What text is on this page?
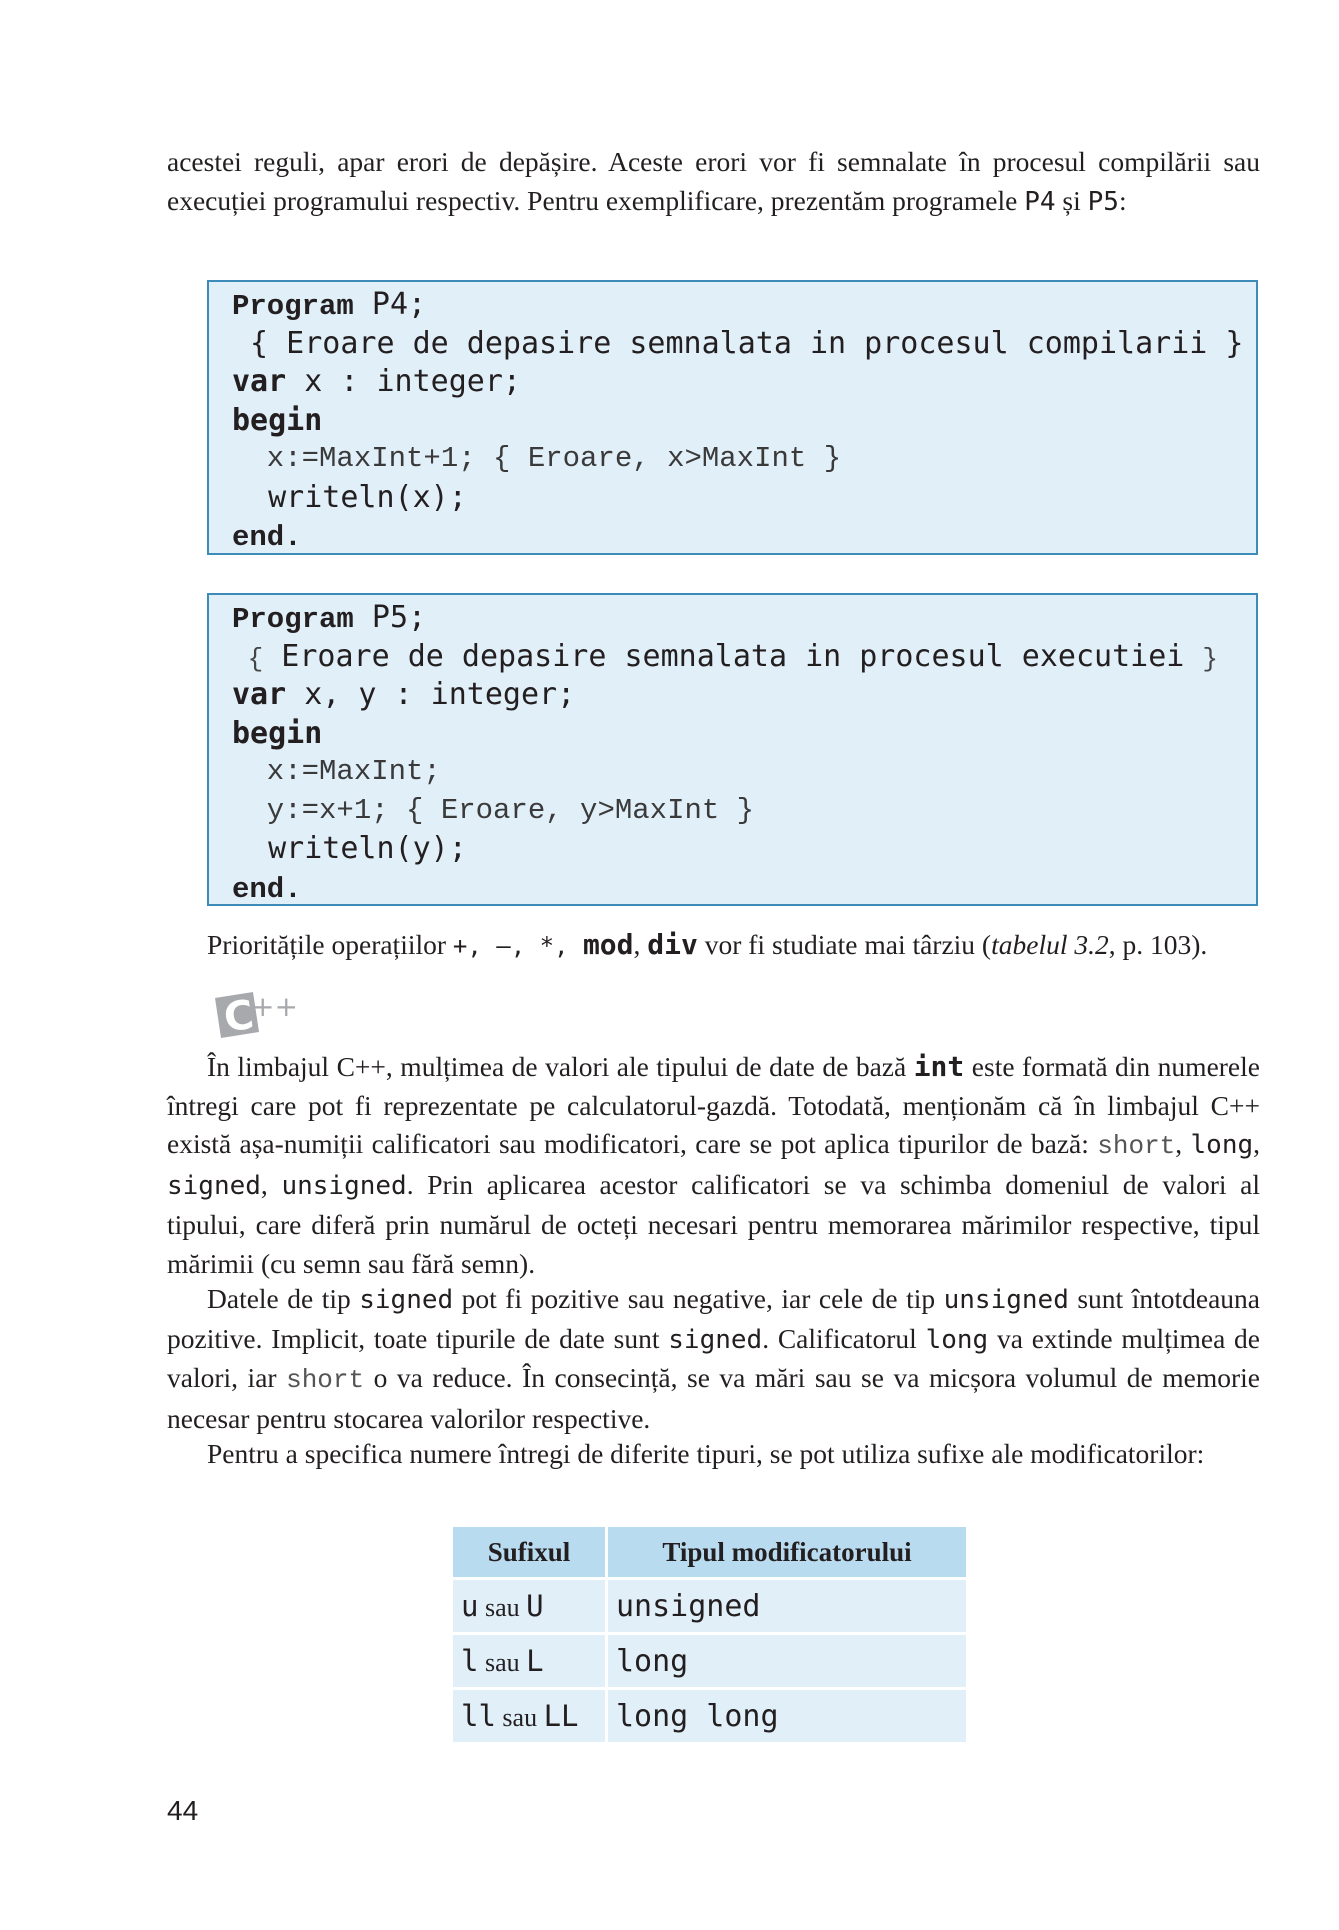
acestei reguli, apar erori de depășire. Aceste erori vor fi semnalate în procesul compilării sau execuției programului respectiv. Pentru exemplificare, prezentăm programele P4 și P5:

Program P4;
{ Eroare de depasire semnalata in procesul compilarii }
var x : integer;
begin
x:=MaxInt+1; { Eroare, x>MaxInt }
writeln(x);
end.
Program P5;
{ Eroare de depasire semnalata in procesul executiei }
var x, y : integer;
begin
x:=MaxInt;
y:=x+1; { Eroare, y>MaxInt }
writeln(y);
end.
Prioritățile operațiilor +, –, *, mod, div vor fi studiate mai târziu (tabelul 3.2, p. 103).
C
++

În limbajul C++, mulțimea de valori ale tipului de date de bază int este formată din numerele întregi care pot fi reprezentate pe calculatorul-gazdă. Totodată, menționăm că în limbajul C++ există așa-numiții calificatori sau modificatori, care se pot aplica tipurilor de bază: short, long, signed, unsigned. Prin aplicarea acestor calificatori se va schimba domeniul de valori al tipului, care diferă prin numărul de octeți necesari pentru memorarea mărimilor respective, tipul mărimii (cu semn sau fără semn).

Datele de tip signed pot fi pozitive sau negative, iar cele de tip unsigned sunt întotdeauna pozitive. Implicit, toate tipurile de date sunt signed. Calificatorul long va extinde mulțimea de valori, iar short o va reduce. În consecință, se va mări sau se va micșora volumul de memorie necesar pentru stocarea valorilor respective.

Pentru a specifica numere întregi de diferite tipuri, se pot utiliza sufixe ale modificatorilor:

Sufixul	Tipul modificatorului
u sau U	unsigned
l sau L	long
ll sau LL	long long
44
